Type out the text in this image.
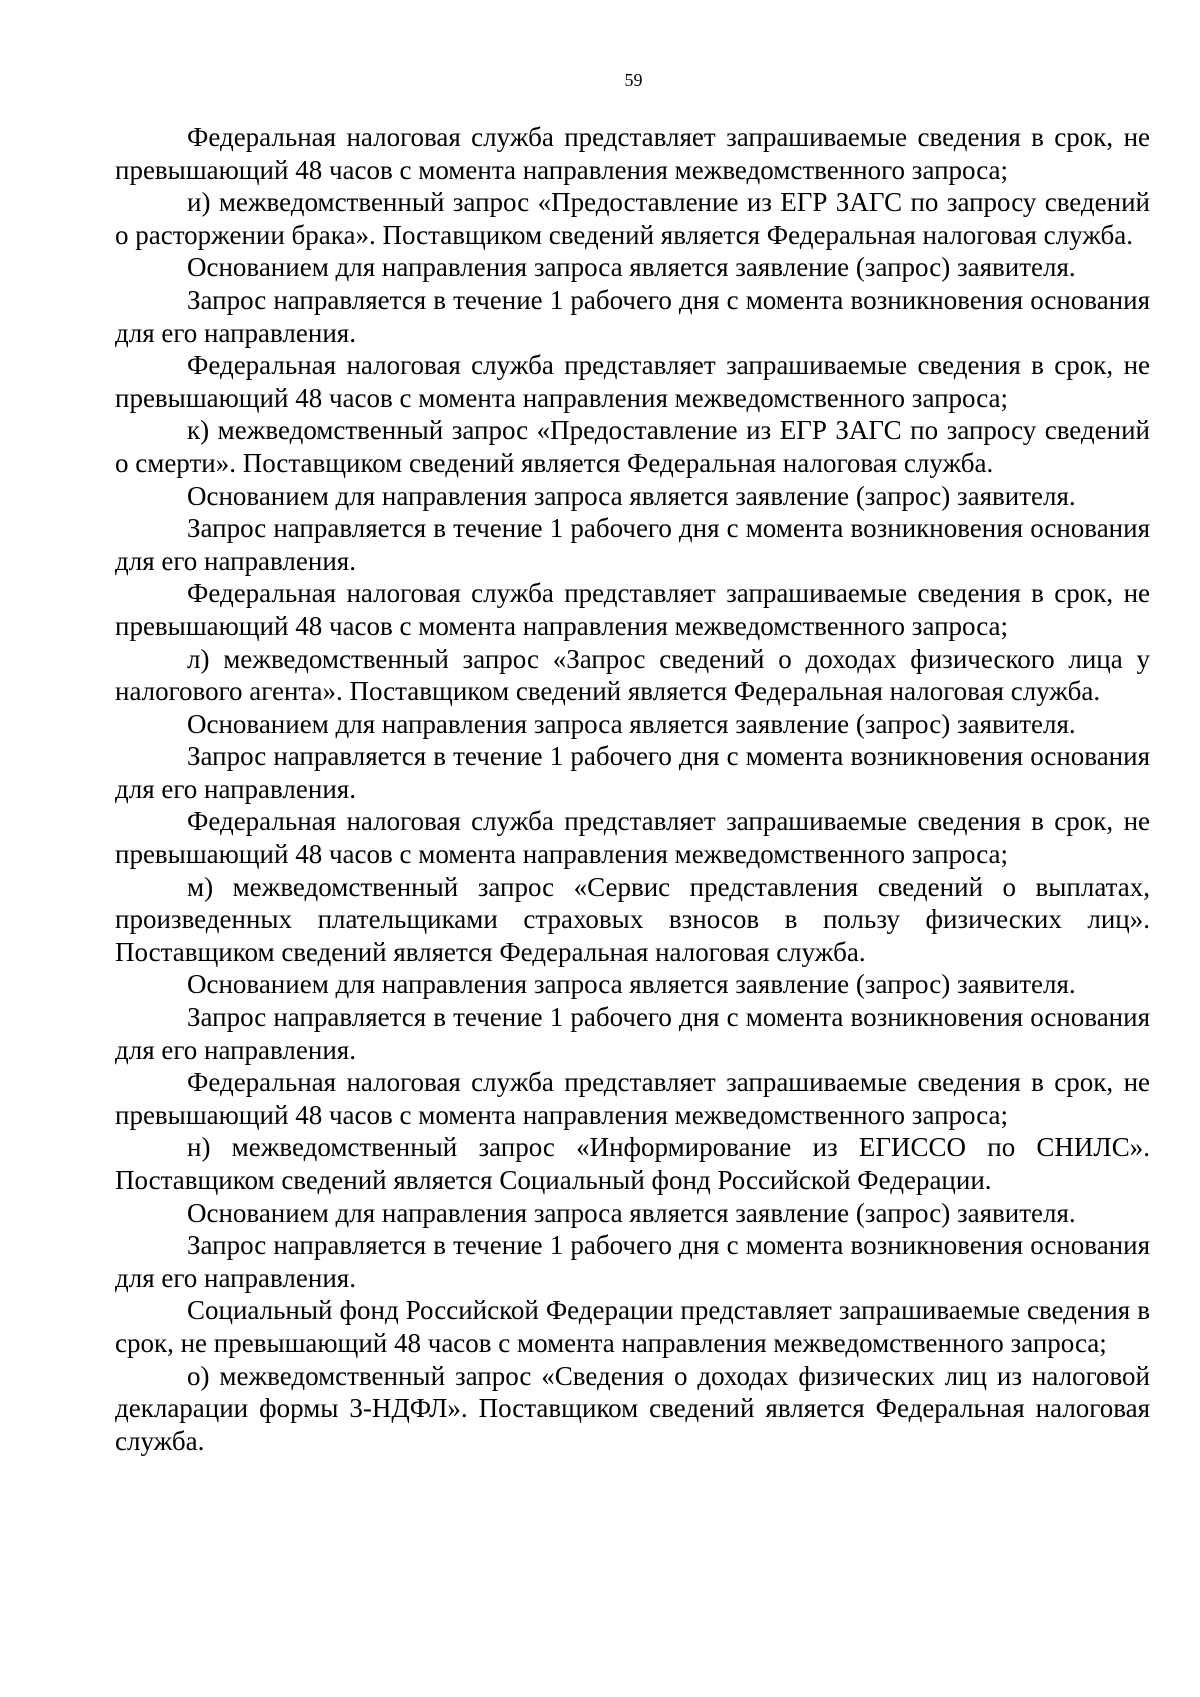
59

Федеральная налоговая служба представляет запрашиваемые сведения в срок, не превышающий 48 часов с момента направления межведомственного запроса;

и) межведомственный запрос «Предоставление из ЕГР ЗАГС по запросу сведений о расторжении брака». Поставщиком сведений является Федеральная налоговая служба.

Основанием для направления запроса является заявление (запрос) заявителя.

Запрос направляется в течение 1 рабочего дня с момента возникновения основания для его направления.

Федеральная налоговая служба представляет запрашиваемые сведения в срок, не превышающий 48 часов с момента направления межведомственного запроса;

к) межведомственный запрос «Предоставление из ЕГР ЗАГС по запросу сведений о смерти». Поставщиком сведений является Федеральная налоговая служба.

Основанием для направления запроса является заявление (запрос) заявителя.

Запрос направляется в течение 1 рабочего дня с момента возникновения основания для его направления.

Федеральная налоговая служба представляет запрашиваемые сведения в срок, не превышающий 48 часов с момента направления межведомственного запроса;

л) межведомственный запрос «Запрос сведений о доходах физического лица у налогового агента». Поставщиком сведений является Федеральная налоговая служба.

Основанием для направления запроса является заявление (запрос) заявителя.

Запрос направляется в течение 1 рабочего дня с момента возникновения основания для его направления.

Федеральная налоговая служба представляет запрашиваемые сведения в срок, не превышающий 48 часов с момента направления межведомственного запроса;

м) межведомственный запрос «Сервис представления сведений о выплатах, произведенных плательщиками страховых взносов в пользу физических лиц». Поставщиком сведений является Федеральная налоговая служба.

Основанием для направления запроса является заявление (запрос) заявителя.

Запрос направляется в течение 1 рабочего дня с момента возникновения основания для его направления.

Федеральная налоговая служба представляет запрашиваемые сведения в срок, не превышающий 48 часов с момента направления межведомственного запроса;

н) межведомственный запрос «Информирование из ЕГИССО по СНИЛС». Поставщиком сведений является Социальный фонд Российской Федерации.

Основанием для направления запроса является заявление (запрос) заявителя.

Запрос направляется в течение 1 рабочего дня с момента возникновения основания для его направления.

Социальный фонд Российской Федерации представляет запрашиваемые сведения в срок, не превышающий 48 часов с момента направления межведомственного запроса;

о) межведомственный запрос «Сведения о доходах физических лиц из налоговой декларации формы 3-НДФЛ». Поставщиком сведений является Федеральная налоговая служба.
